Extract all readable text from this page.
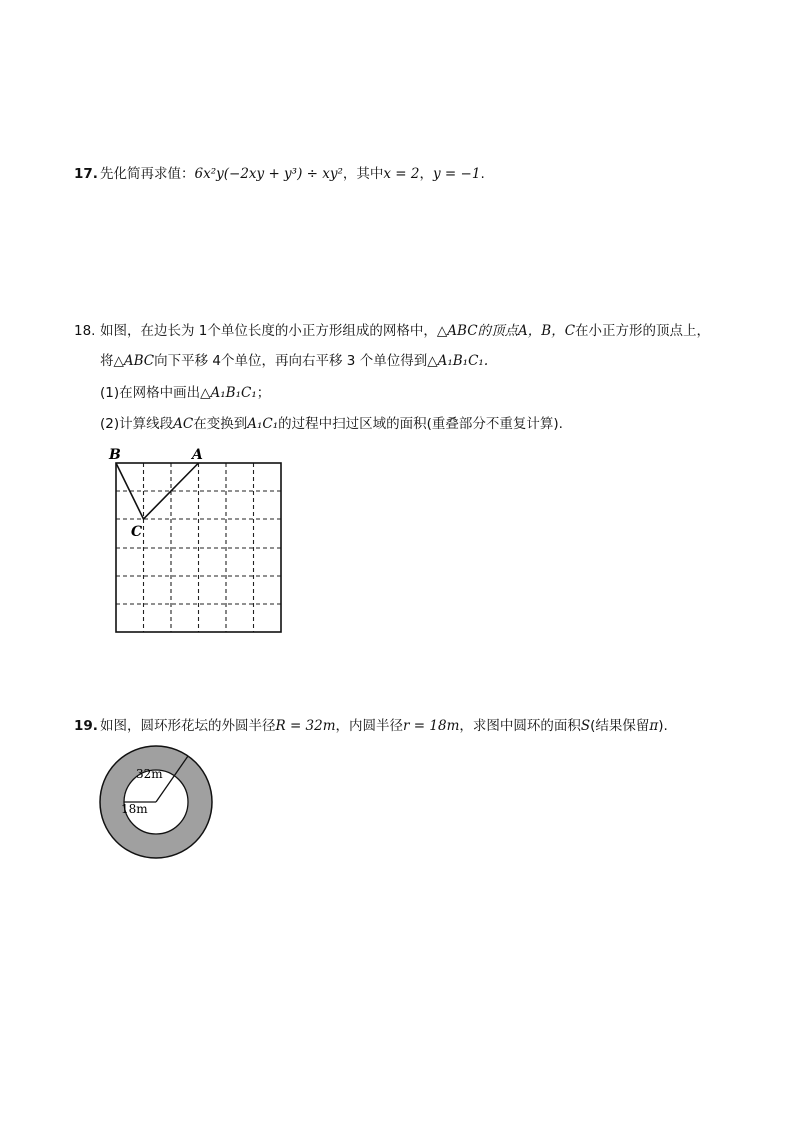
17. 先化简再求值：6x²y(−2xy + y³) ÷ xy²，其中x = 2，y = −1.
18. 如图，在边长为 1个单位长度的小正方形组成的网格中，△ABC的顶点A，B，C在小正方形的顶点上，
将△ABC向下平移 4个单位，再向右平移 3 个单位得到△A₁B₁C₁.
(1)在网格中画出△A₁B₁C₁；
(2)计算线段AC在变换到A₁C₁的过程中扫过区域的面积(重叠部分不重复计算).
B	A
C
19. 如图，圆环形花坛的外圆半径R = 32m，内圆半径r = 18m，求图中圆环的面积S(结果保留π).
32m
18m
